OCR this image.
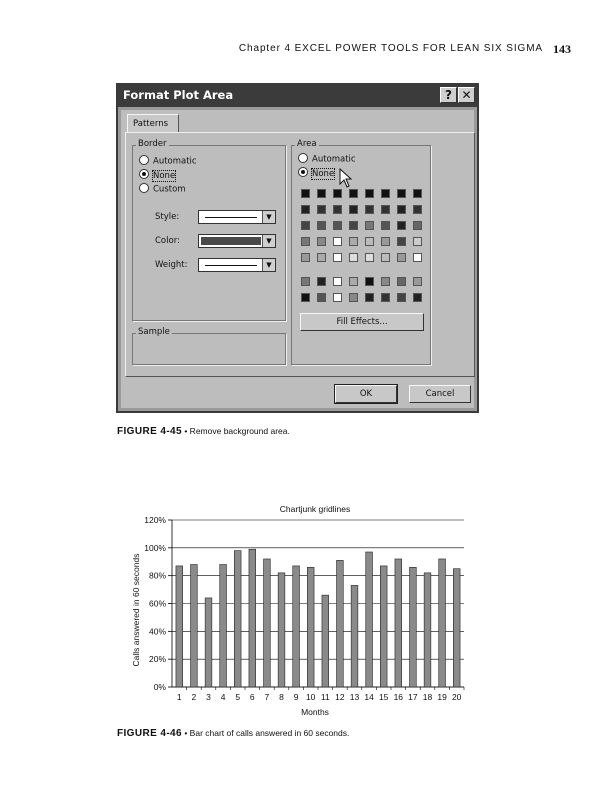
Chapter 4 EXCEL POWER TOOLS FOR LEAN SIX SIGMA 143
Format Plot Area	? ✕
Patterns
Border
Automatic
None
Custom
Style:	▼
Color:	▼
Weight:	▼
Sample
Area
Automatic
None
Fill Effects...
OK	Cancel
FIGURE 4-45 • Remove background area.
Chartjunk gridlines
Calls answered in 60 seconds
Months
0%
20%
40%
60%
80%
100%
120%
1 2 3 4 5 6 7 8 9 10 11 12 13 14 15 16 17 18 19 20
FIGURE 4-46 • Bar chart of calls answered in 60 seconds.
